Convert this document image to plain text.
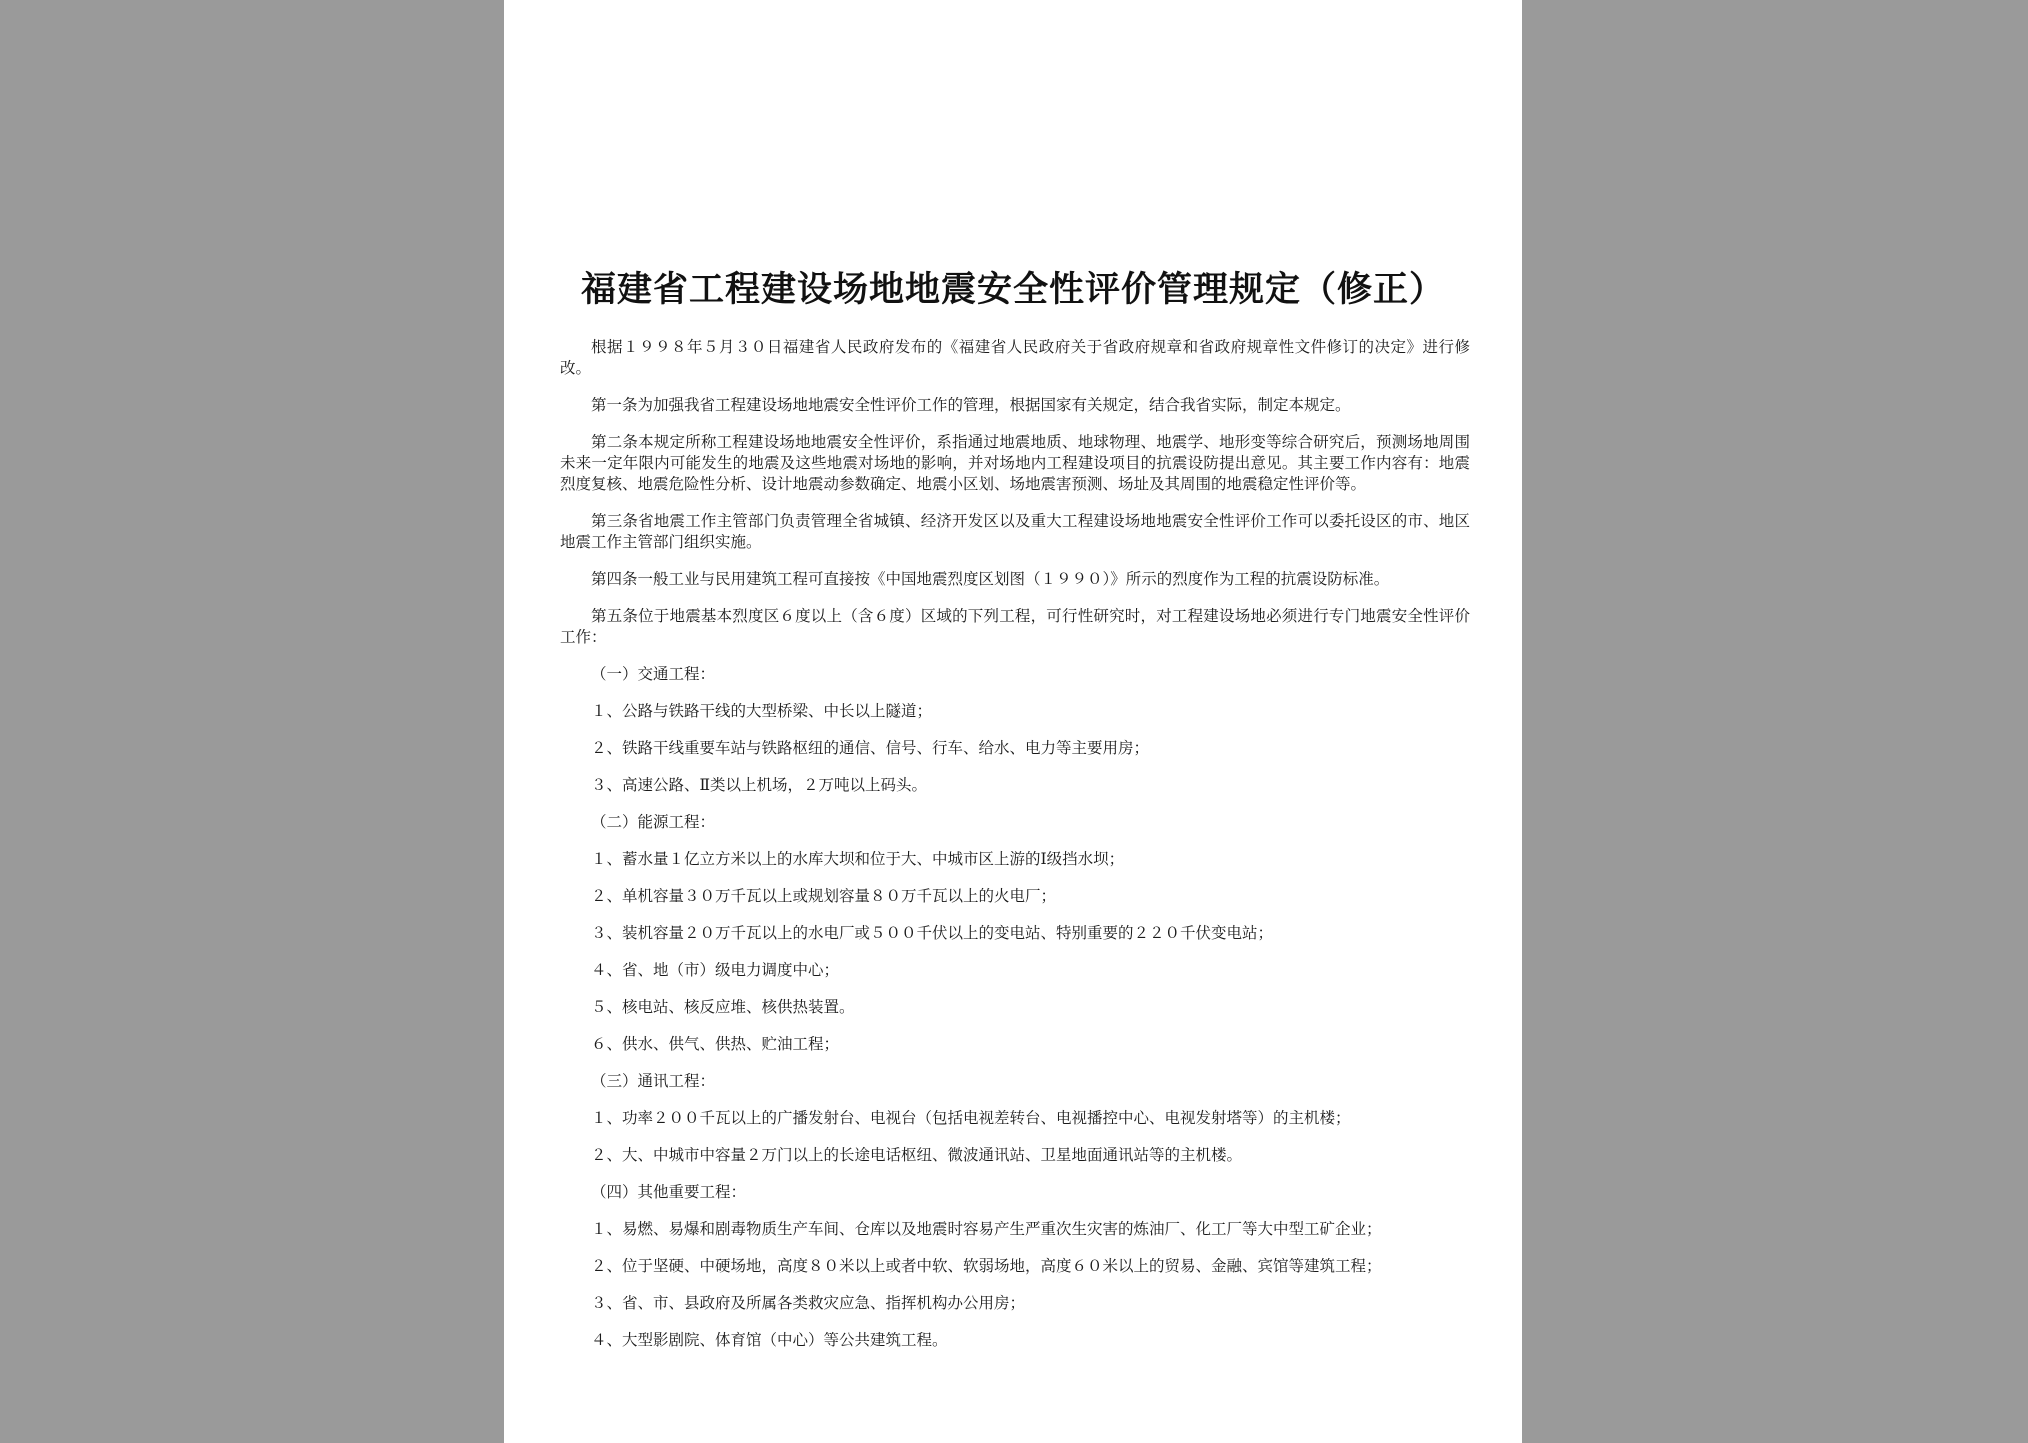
福建省工程建设场地地震安全性评价管理规定（修正）

根据１９９８年５月３０日福建省人民政府发布的《福建省人民政府关于省政府规章和省政府规章性文件修订的决定》进行修改。

第一条为加强我省工程建设场地地震安全性评价工作的管理，根据国家有关规定，结合我省实际，制定本规定。

第二条本规定所称工程建设场地地震安全性评价，系指通过地震地质、地球物理、地震学、地形变等综合研究后，预测场地周围未来一定年限内可能发生的地震及这些地震对场地的影响，并对场地内工程建设项目的抗震设防提出意见。其主要工作内容有：地震烈度复核、地震危险性分析、设计地震动参数确定、地震小区划、场地震害预测、场址及其周围的地震稳定性评价等。

第三条省地震工作主管部门负责管理全省城镇、经济开发区以及重大工程建设场地地震安全性评价工作可以委托设区的市、地区地震工作主管部门组织实施。

第四条一般工业与民用建筑工程可直接按《中国地震烈度区划图（１９９０）》所示的烈度作为工程的抗震设防标准。

第五条位于地震基本烈度区６度以上（含６度）区域的下列工程，可行性研究时，对工程建设场地必须进行专门地震安全性评价工作：

（一）交通工程：

１、公路与铁路干线的大型桥梁、中长以上隧道；

２、铁路干线重要车站与铁路枢纽的通信、信号、行车、给水、电力等主要用房；

３、高速公路、Ⅱ类以上机场，２万吨以上码头。

（二）能源工程：

１、蓄水量１亿立方米以上的水库大坝和位于大、中城市区上游的Ⅰ级挡水坝；

２、单机容量３０万千瓦以上或规划容量８０万千瓦以上的火电厂；

３、装机容量２０万千瓦以上的水电厂或５００千伏以上的变电站、特别重要的２２０千伏变电站；

４、省、地（市）级电力调度中心；

５、核电站、核反应堆、核供热装置。

６、供水、供气、供热、贮油工程；

（三）通讯工程：

１、功率２００千瓦以上的广播发射台、电视台（包括电视差转台、电视播控中心、电视发射塔等）的主机楼；

２、大、中城市中容量２万门以上的长途电话枢纽、微波通讯站、卫星地面通讯站等的主机楼。

（四）其他重要工程：

１、易燃、易爆和剧毒物质生产车间、仓库以及地震时容易产生严重次生灾害的炼油厂、化工厂等大中型工矿企业；

２、位于坚硬、中硬场地，高度８０米以上或者中软、软弱场地，高度６０米以上的贸易、金融、宾馆等建筑工程；

３、省、市、县政府及所属各类救灾应急、指挥机构办公用房；

４、大型影剧院、体育馆（中心）等公共建筑工程。
